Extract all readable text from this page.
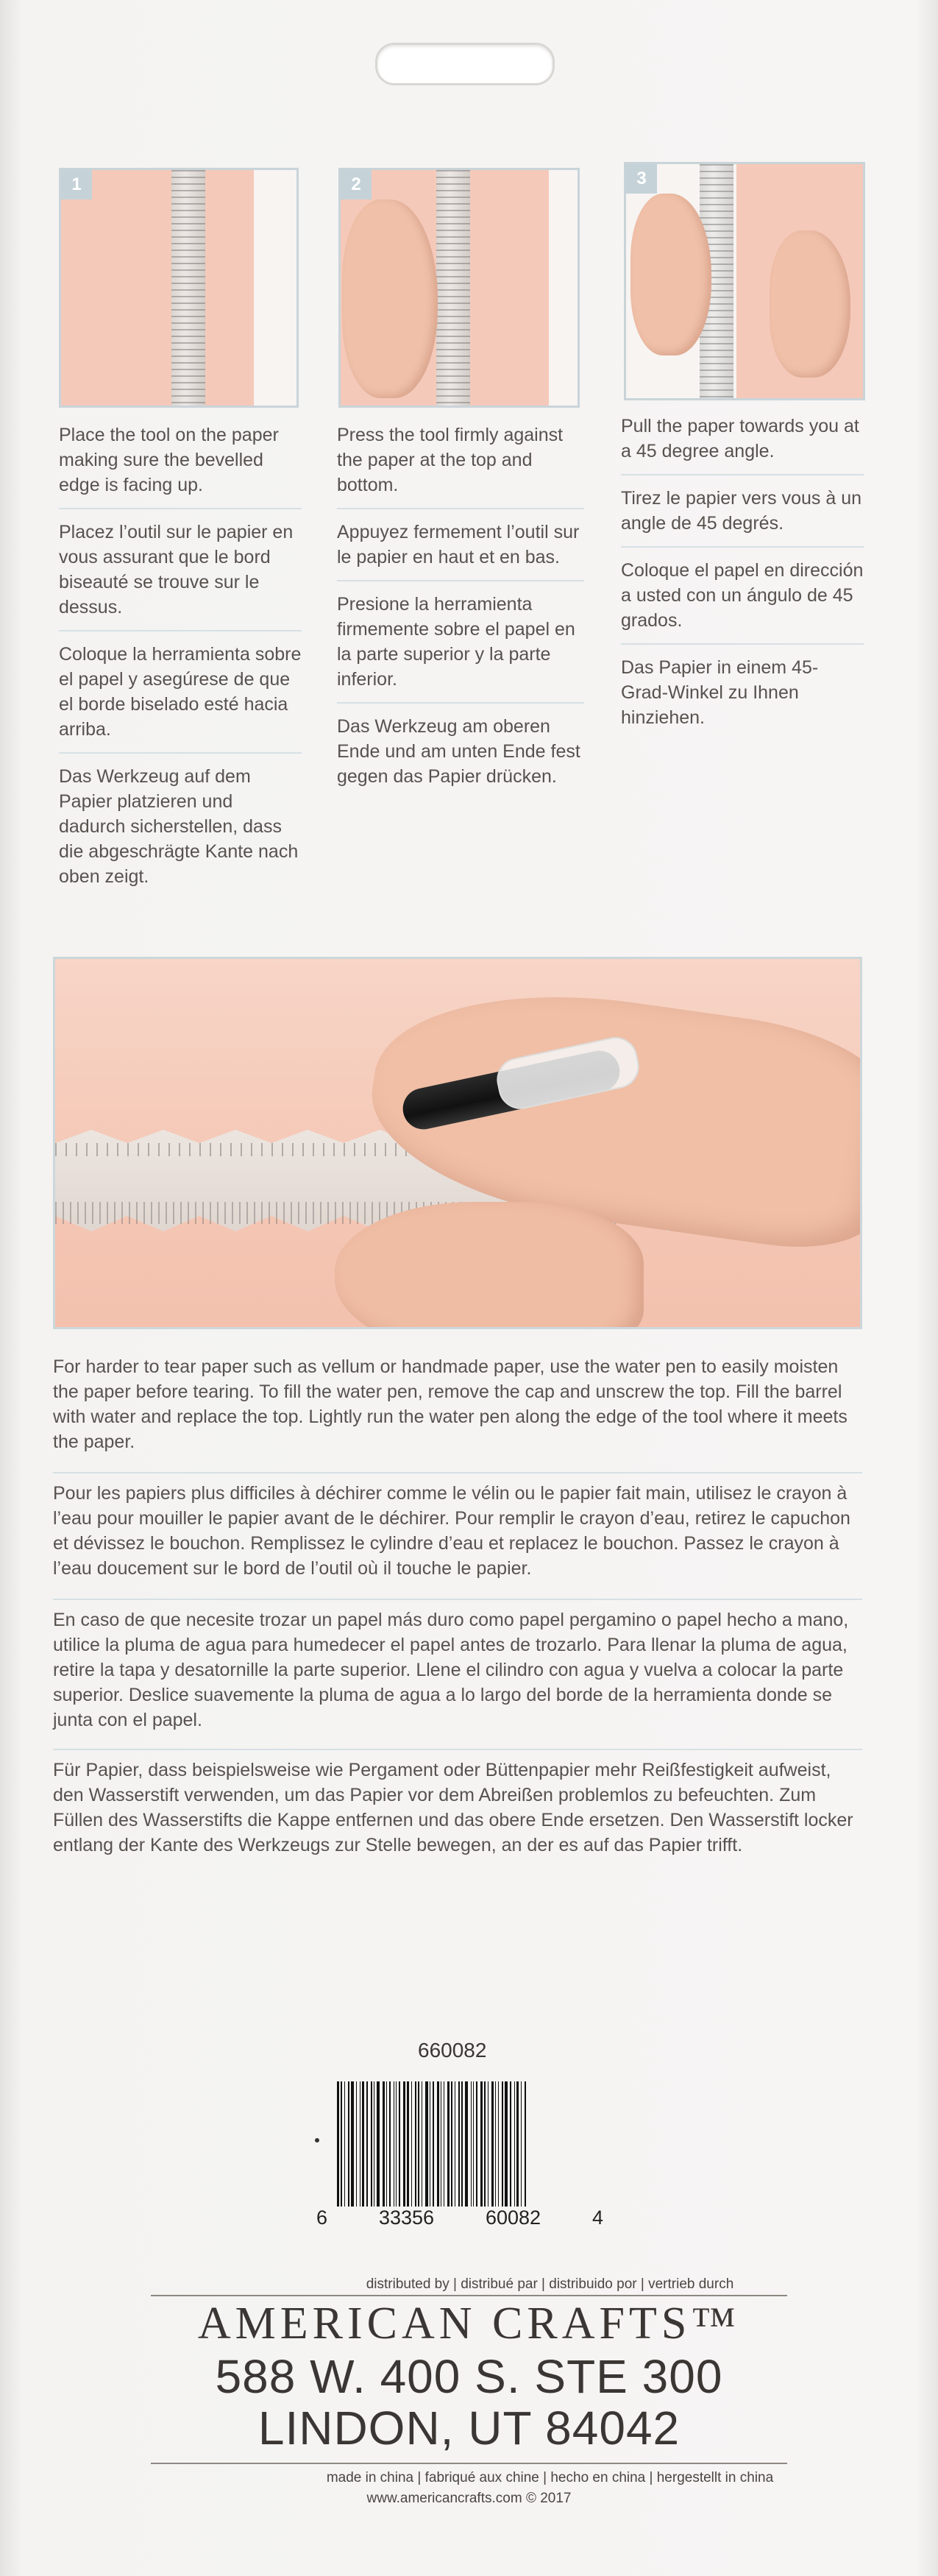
1	2	3

Place the tool on the paper making sure the bevelled edge is facing up.

Placez l’outil sur le papier en vous assurant que le bord biseauté se trouve sur le dessus.

Coloque la herramienta sobre el papel y asegúrese de que el borde biselado esté hacia arriba.

Das Werkzeug auf dem Papier platzieren und dadurch sicherstellen, dass die abgeschrägte Kante nach oben zeigt.

Press the tool firmly against the paper at the top and bottom.

Appuyez fermement l’outil sur le papier en haut et en bas.

Presione la herramienta firmemente sobre el papel en la parte superior y la parte inferior.

Das Werkzeug am oberen Ende und am unten Ende fest gegen das Papier drücken.

Pull the paper towards you at a 45 degree angle.

Tirez le papier vers vous à un angle de 45 degrés.

Coloque el papel en dirección a usted con un ángulo de 45 grados.

Das Papier in einem 45-Grad-Winkel zu Ihnen hinziehen.

For harder to tear paper such as vellum or handmade paper, use the water pen to easily moisten the paper before tearing. To fill the water pen, remove the cap and unscrew the top. Fill the barrel with water and replace the top. Lightly run the water pen along the edge of the tool where it meets the paper.

Pour les papiers plus difficiles à déchirer comme le vélin ou le papier fait main, utilisez le crayon à l’eau pour mouiller le papier avant de le déchirer. Pour remplir le crayon d’eau, retirez le capuchon et dévissez le bouchon. Remplissez le cylindre d’eau et replacez le bouchon. Passez le crayon à l’eau doucement sur le bord de l’outil où il touche le papier.

En caso de que necesite trozar un papel más duro como papel pergamino o papel hecho a mano, utilice la pluma de agua para humedecer el papel antes de trozarlo. Para llenar la pluma de agua, retire la tapa y desatornille la parte superior. Llene el cilindro con agua y vuelva a colocar la parte superior. Deslice suavemente la pluma de agua a lo largo del borde de la herramienta donde se junta con el papel.

Für Papier, dass beispielsweise wie Pergament oder Büttenpapier mehr Reißfestigkeit aufweist, den Wasserstift verwenden, um das Papier vor dem Abreißen problemlos zu befeuchten. Zum Füllen des Wasserstifts die Kappe entfernen und das obere Ende ersetzen. Den Wasserstift locker entlang der Kante des Werkzeugs zur Stelle bewegen, an der es auf das Papier trifft.

660082
6	33356	60082	4
distributed by | distribué par | distribuido por | vertrieb durch
AMERICAN CRAFTS™
588 W. 400 S. STE 300
LINDON, UT 84042
made in china | fabriqué aux chine | hecho en china | hergestellt in china
www.americancrafts.com © 2017
